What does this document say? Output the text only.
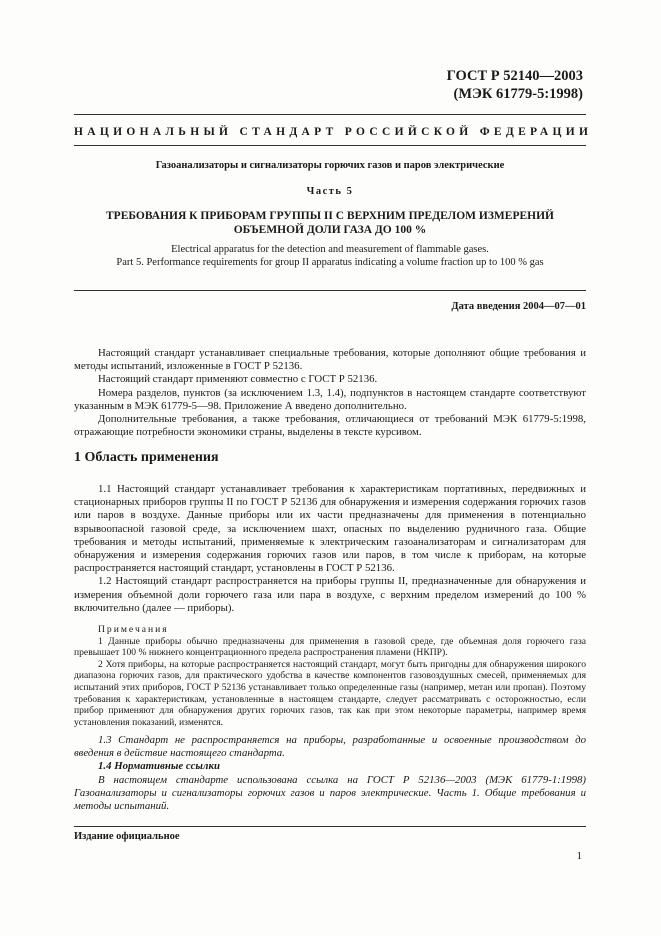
ГОСТ Р 52140—2003
(МЭК 61779-5:1998)
НАЦИОНАЛЬНЫЙ СТАНДАРТ РОССИЙСКОЙ ФЕДЕРАЦИИ
Газоанализаторы и сигнализаторы горючих газов и паров электрические
Часть 5
ТРЕБОВАНИЯ К ПРИБОРАМ ГРУППЫ II С ВЕРХНИМ ПРЕДЕЛОМ ИЗМЕРЕНИЙ
ОБЪЕМНОЙ ДОЛИ ГАЗА ДО 100 %
Electrical apparatus for the detection and measurement of flammable gases.
Part 5. Performance requirements for group II apparatus indicating a volume fraction up to 100 % gas
Дата введения 2004—07—01

Настоящий стандарт устанавливает специальные требования, которые дополняют общие требования и методы испытаний, изложенные в ГОСТ Р 52136.

Настоящий стандарт применяют совместно с ГОСТ Р 52136.

Номера разделов, пунктов (за исключением 1.3, 1.4), подпунктов в настоящем стандарте соответствуют указанным в МЭК 61779-5—98. Приложение А введено дополнительно.

Дополнительные требования, а также требования, отличающиеся от требований МЭК 61779-5:1998, отражающие потребности экономики страны, выделены в тексте курсивом.

1 Область применения

1.1 Настоящий стандарт устанавливает требования к характеристикам портативных, передвижных и стационарных приборов группы II по ГОСТ Р 52136 для обнаружения и измерения содержания горючих газов или паров в воздухе. Данные приборы или их части предназначены для применения в потенциально взрывоопасной газовой среде, за исключением шахт, опасных по выделению рудничного газа. Общие требования и методы испытаний, применяемые к электрическим газоанализаторам и сигнализаторам для обнаружения и измерения содержания горючих газов или паров, в том числе к приборам, на которые распространяется настоящий стандарт, установлены в ГОСТ Р 52136.

1.2 Настоящий стандарт распространяется на приборы группы II, предназначенные для обнаружения и измерения объемной доли горючего газа или пара в воздухе, с верхним пределом измерений до 100 % включительно (далее — приборы).

Примечания

1 Данные приборы обычно предназначены для применения в газовой среде, где объемная доля горючего газа превышает 100 % нижнего концентрационного предела распространения пламени (НКПР).

2 Хотя приборы, на которые распространяется настоящий стандарт, могут быть пригодны для обнаружения широкого диапазона горючих газов, для практического удобства в качестве компонентов газовоздушных смесей, применяемых для испытаний этих приборов, ГОСТ Р 52136 устанавливает только определенные газы (например, метан или пропан). Поэтому требования к характеристикам, установленные в настоящем стандарте, следует рассматривать с осторожностью, если прибор применяют для обнаружения других горючих газов, так как при этом некоторые параметры, например время установления показаний, изменятся.

1.3 Стандарт не распространяется на приборы, разработанные и освоенные производством до введения в действие настоящего стандарта.

1.4 Нормативные ссылки

В настоящем стандарте использована ссылка на ГОСТ Р 52136—2003 (МЭК 61779-1:1998) Газоанализаторы и сигнализаторы горючих газов и паров электрические. Часть 1. Общие требования и методы испытаний.

Издание официальное
1
